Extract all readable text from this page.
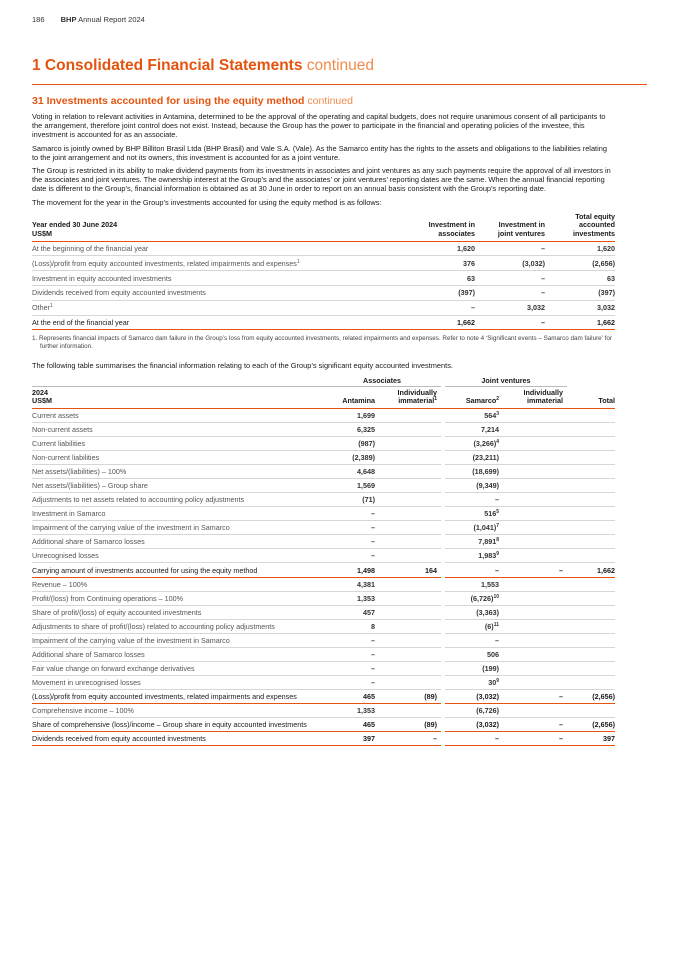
186 BHP Annual Report 2024
1 Consolidated Financial Statements continued
31 Investments accounted for using the equity method continued

Voting in relation to relevant activities in Antamina, determined to be the approval of the operating and capital budgets, does not require unanimous consent of all participants to the arrangement, therefore joint control does not exist. Instead, because the Group has the power to participate in the financial and operating policies of the investee, this investment is accounted for as an associate.

Samarco is jointly owned by BHP Billiton Brasil Ltda (BHP Brasil) and Vale S.A. (Vale). As the Samarco entity has the rights to the assets and obligations to the liabilities relating to the joint arrangement and not its owners, this investment is accounted for as a joint venture.

The Group is restricted in its ability to make dividend payments from its investments in associates and joint ventures as any such payments require the approval of all investors in the associates and joint ventures. The ownership interest at the Group’s and the associates’ or joint ventures’ reporting dates are the same. When the annual financial reporting date is different to the Group’s, financial information is obtained as at 30 June in order to report on an annual basis consistent with the Group’s reporting date.

The movement for the year in the Group’s investments accounted for using the equity method is as follows:

Year ended 30 June 2024
US$M	Investment in
associates	Investment in
joint ventures	Total equity
accounted
investments
At the beginning of the financial year	1,620	–	1,620
(Loss)/profit from equity accounted investments, related impairments and expenses$^1$	376	(3,032)	(2,656)
Investment in equity accounted investments	63	–	63
Dividends received from equity accounted investments	(397)	–	(397)
Other$^1$	–	3,032	3,032
At the end of the financial year	1,662	–	1,662

1. Represents financial impacts of Samarco dam failure in the Group’s loss from equity accounted investments, related impairments and expenses. Refer to note 4 ‘Significant events – Samarco dam failure’ for further information.

The following table summarises the financial information relating to each of the Group’s significant equity accounted investments.

	Associates			Joint ventures		
2024
US$M	Antamina	Individually
immaterial$^1$		Samarco$^2$	Individually
immaterial	Total
Current assets	1,699			$564^3$		
Non-current assets	6,325			7,214		
Current liabilities	(987)			$(3,266)^4$		
Non-current liabilities	(2,389)			(23,211)		
Net assets/(liabilities) – 100%	4,648			(18,699)		
Net assets/(liabilities) – Group share	1,569			(9,349)		
Adjustments to net assets related to accounting policy adjustments	(71)			–		
Investment in Samarco	–			$516^5$		
Impairment of the carrying value of the investment in Samarco	–			$(1,041)^7$		
Additional share of Samarco losses	–			7,891$^8$		
Unrecognised losses	–			1,983$^9$		
Carrying amount of investments accounted for using the equity method	1,498	164		–	–	1,662
Revenue – 100%	4,381			1,553		
Profit/(loss) from Continuing operations – 100%	1,353			$(6,726)^{10}$		
Share of profit/(loss) of equity accounted investments	457			(3,363)		
Adjustments to share of profit/(loss) related to accounting policy adjustments	8			$(6)^{11}$		
Impairment of the carrying value of the investment in Samarco	–			–		
Additional share of Samarco losses	–			506		
Fair value change on forward exchange derivatives	–			(199)		
Movement in unrecognised losses	–			$30^9$		
(Loss)/profit from equity accounted investments, related impairments and expenses	465	(89)		(3,032)	–	(2,656)
Comprehensive income – 100%	1,353			(6,726)		
Share of comprehensive (loss)/income – Group share in equity accounted investments	465	(89)		(3,032)	–	(2,656)
Dividends received from equity accounted investments	397	–		–	–	397
